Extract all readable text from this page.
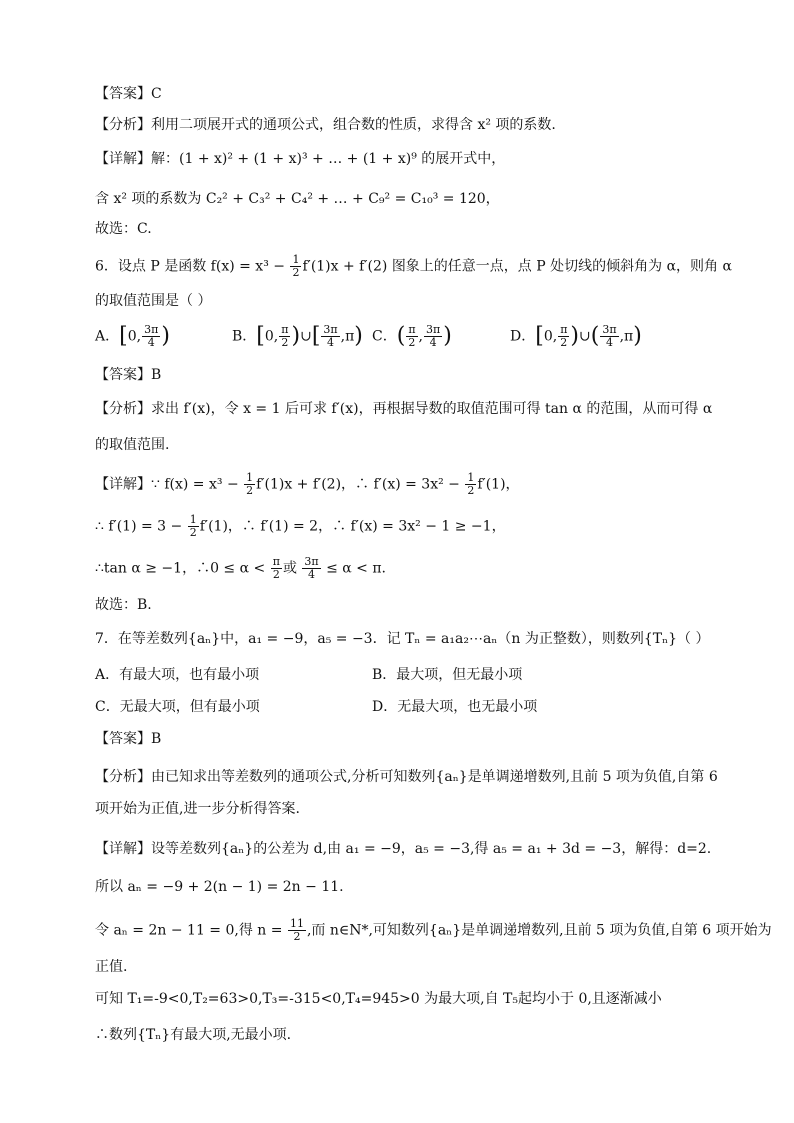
【答案】C
【分析】利用二项展开式的通项公式，组合数的性质，求得含 x² 项的系数.
【详解】解：(1 + x)² + (1 + x)³ + … + (1 + x)⁹ 的展开式中，
含 x² 项的系数为 C₂² + C₃² + C₄² + … + C₉² = C₁₀³ = 120，
故选：C.
6．设点 P 是函数 $f(x) = x^3 - \frac{1}{2} f'(1)x + f'(2)$ 图象上的任意一点，点 P 处切线的倾斜角为 α，则角 α
的取值范围是（ ）
A．[0, $\frac{3\pi}{4}$ )	B．[0, $\frac{\pi}{2}$ )∪[ $\frac{3\pi}{4} ,\pi$) C．( $\frac{\pi}{2}$ , $\frac{3\pi}{4}$ )	D．[0, $\frac{\pi}{2}$ )∪( $\frac{3\pi}{4} ,\pi$)
【答案】B
【分析】求出 f′(x)，令 x = 1 后可求 f′(x)，再根据导数的取值范围可得 tan α 的范围，从而可得 α
的取值范围.
【详解】∵ $f(x) = x^3 - \frac{1}{2} f'(1)x + f'(2)$，∴ $f'(x) = 3x^2 - \frac{1}{2} f'(1)$，
∴ $f'(1) = 3 - \frac{1}{2} f'(1)$，∴ f′(1) = 2，∴ f′(x) = 3x² − 1 ≥ −1，
∴tan α ≥ −1，∴0 ≤ $\alpha < \frac{\pi}{2}$ 或 $\frac{3\pi}{4} \le \alpha < \pi$.
故选：B.
7．在等差数列{aₙ}中，a₁ = −9，a₅ = −3．记 Tₙ = a₁a₂⋯aₙ（n 为正整数），则数列{Tₙ}（ ）
A．有最大项，也有最小项	B．最大项，但无最小项
C．无最大项，但有最小项	D．无最大项，也无最小项
【答案】B
【分析】由已知求出等差数列的通项公式,分析可知数列{aₙ}是单调递增数列,且前 5 项为负值,自第 6
项开始为正值,进一步分析得答案.
【详解】设等差数列{aₙ}的公差为 d,由 a₁ = −9，a₅ = −3,得 a₅ = a₁ + 3d = −3，解得：d=2.
所以 aₙ = −9 + 2(n − 1) = 2n − 11.
令 aₙ = 2n − 11 = 0,得 $n = \frac{11}{2}$ ,而 n∈N*,可知数列{aₙ}是单调递增数列,且前 5 项为负值,自第 6 项开始为
正值.
可知 T₁=-9<0,T₂=63>0,T₃=-315<0,T₄=945>0 为最大项,自 T₅起均小于 0,且逐渐减小
∴数列{Tₙ}有最大项,无最小项.
